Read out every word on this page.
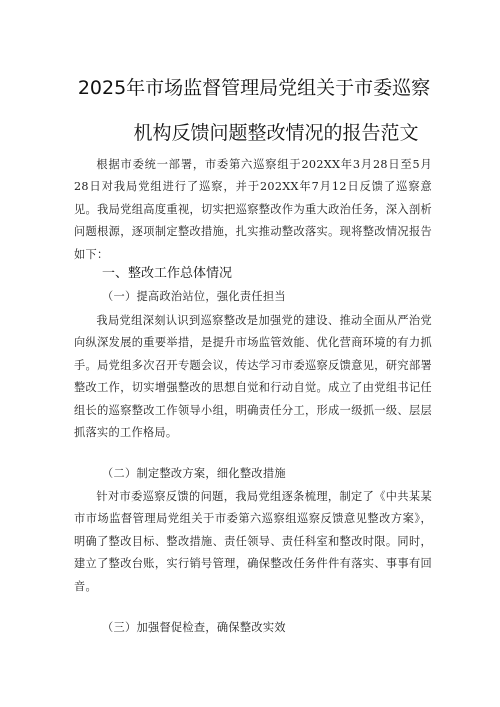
2025年市场监督管理局党组关于市委巡察
机构反馈问题整改情况的报告范文

根据市委统一部署，市委第六巡察组于202XX年3月28日至5月28日对我局党组进行了巡察，并于202XX年7月12日反馈了巡察意见。我局党组高度重视，切实把巡察整改作为重大政治任务，深入剖析问题根源，逐项制定整改措施，扎实推动整改落实。现将整改情况报告如下：

一、整改工作总体情况
（一）提高政治站位，强化责任担当

我局党组深刻认识到巡察整改是加强党的建设、推动全面从严治党向纵深发展的重要举措，是提升市场监管效能、优化营商环境的有力抓手。局党组多次召开专题会议，传达学习市委巡察反馈意见，研究部署整改工作，切实增强整改的思想自觉和行动自觉。成立了由党组书记任组长的巡察整改工作领导小组，明确责任分工，形成一级抓一级、层层抓落实的工作格局。

（二）制定整改方案，细化整改措施

针对市委巡察反馈的问题，我局党组逐条梳理，制定了《中共某某市市场监督管理局党组关于市委第六巡察组巡察反馈意见整改方案》，明确了整改目标、整改措施、责任领导、责任科室和整改时限。同时，建立了整改台账，实行销号管理，确保整改任务件件有落实、事事有回音。

（三）加强督促检查，确保整改实效
